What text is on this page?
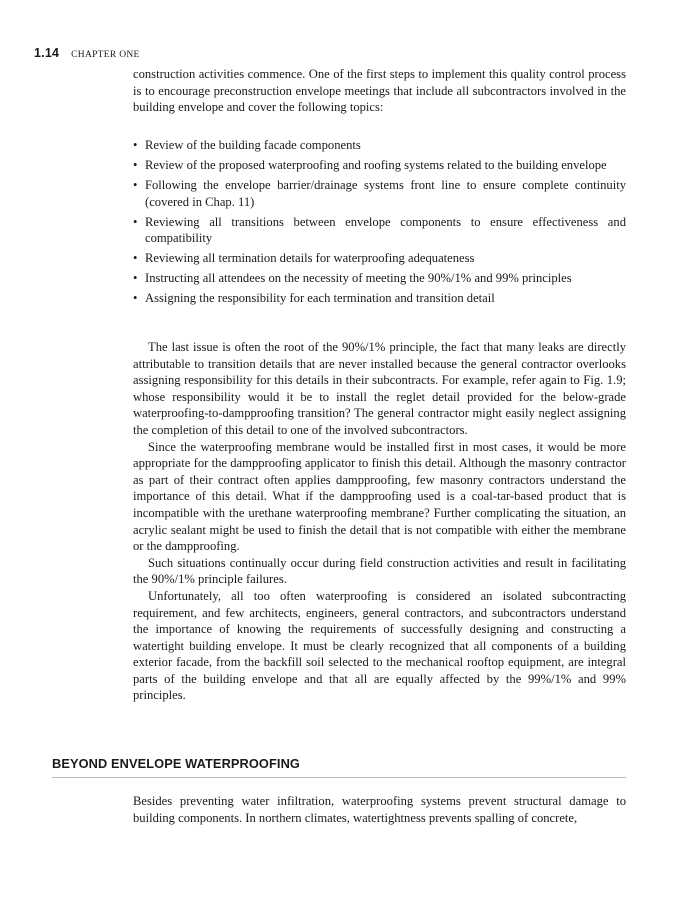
1.14 CHAPTER ONE

construction activities commence. One of the first steps to implement this quality control process is to encourage preconstruction envelope meetings that include all subcontractors involved in the building envelope and cover the following topics:

• Review of the building facade components
• Review of the proposed waterproofing and roofing systems related to the building envelope
• Following the envelope barrier/drainage systems front line to ensure complete continuity (covered in Chap. 11)
• Reviewing all transitions between envelope components to ensure effectiveness and compatibility
• Reviewing all termination details for waterproofing adequateness
• Instructing all attendees on the necessity of meeting the 90%/1% and 99% principles
• Assigning the responsibility for each termination and transition detail

The last issue is often the root of the 90%/1% principle, the fact that many leaks are directly attributable to transition details that are never installed because the general contractor overlooks assigning responsibility for this details in their subcontracts. For example, refer again to Fig. 1.9; whose responsibility would it be to install the reglet detail provided for the below-grade waterproofing-to-dampproofing transition? The general contractor might easily neglect assigning the completion of this detail to one of the involved subcontractors.

Since the waterproofing membrane would be installed first in most cases, it would be more appropriate for the dampproofing applicator to finish this detail. Although the masonry contractor as part of their contract often applies dampproofing, few masonry contractors understand the importance of this detail. What if the dampproofing used is a coal-tar-based product that is incompatible with the urethane waterproofing membrane? Further complicating the situation, an acrylic sealant might be used to finish the detail that is not compatible with either the membrane or the dampproofing.

Such situations continually occur during field construction activities and result in facilitating the 90%/1% principle failures.

Unfortunately, all too often waterproofing is considered an isolated subcontracting requirement, and few architects, engineers, general contractors, and subcontractors understand the importance of knowing the requirements of successfully designing and constructing a watertight building envelope. It must be clearly recognized that all components of a building exterior facade, from the backfill soil selected to the mechanical rooftop equipment, are integral parts of the building envelope and that all are equally affected by the 99%/1% and 99% principles.

BEYOND ENVELOPE WATERPROOFING

Besides preventing water infiltration, waterproofing systems prevent structural damage to building components. In northern climates, watertightness prevents spalling of concrete,
